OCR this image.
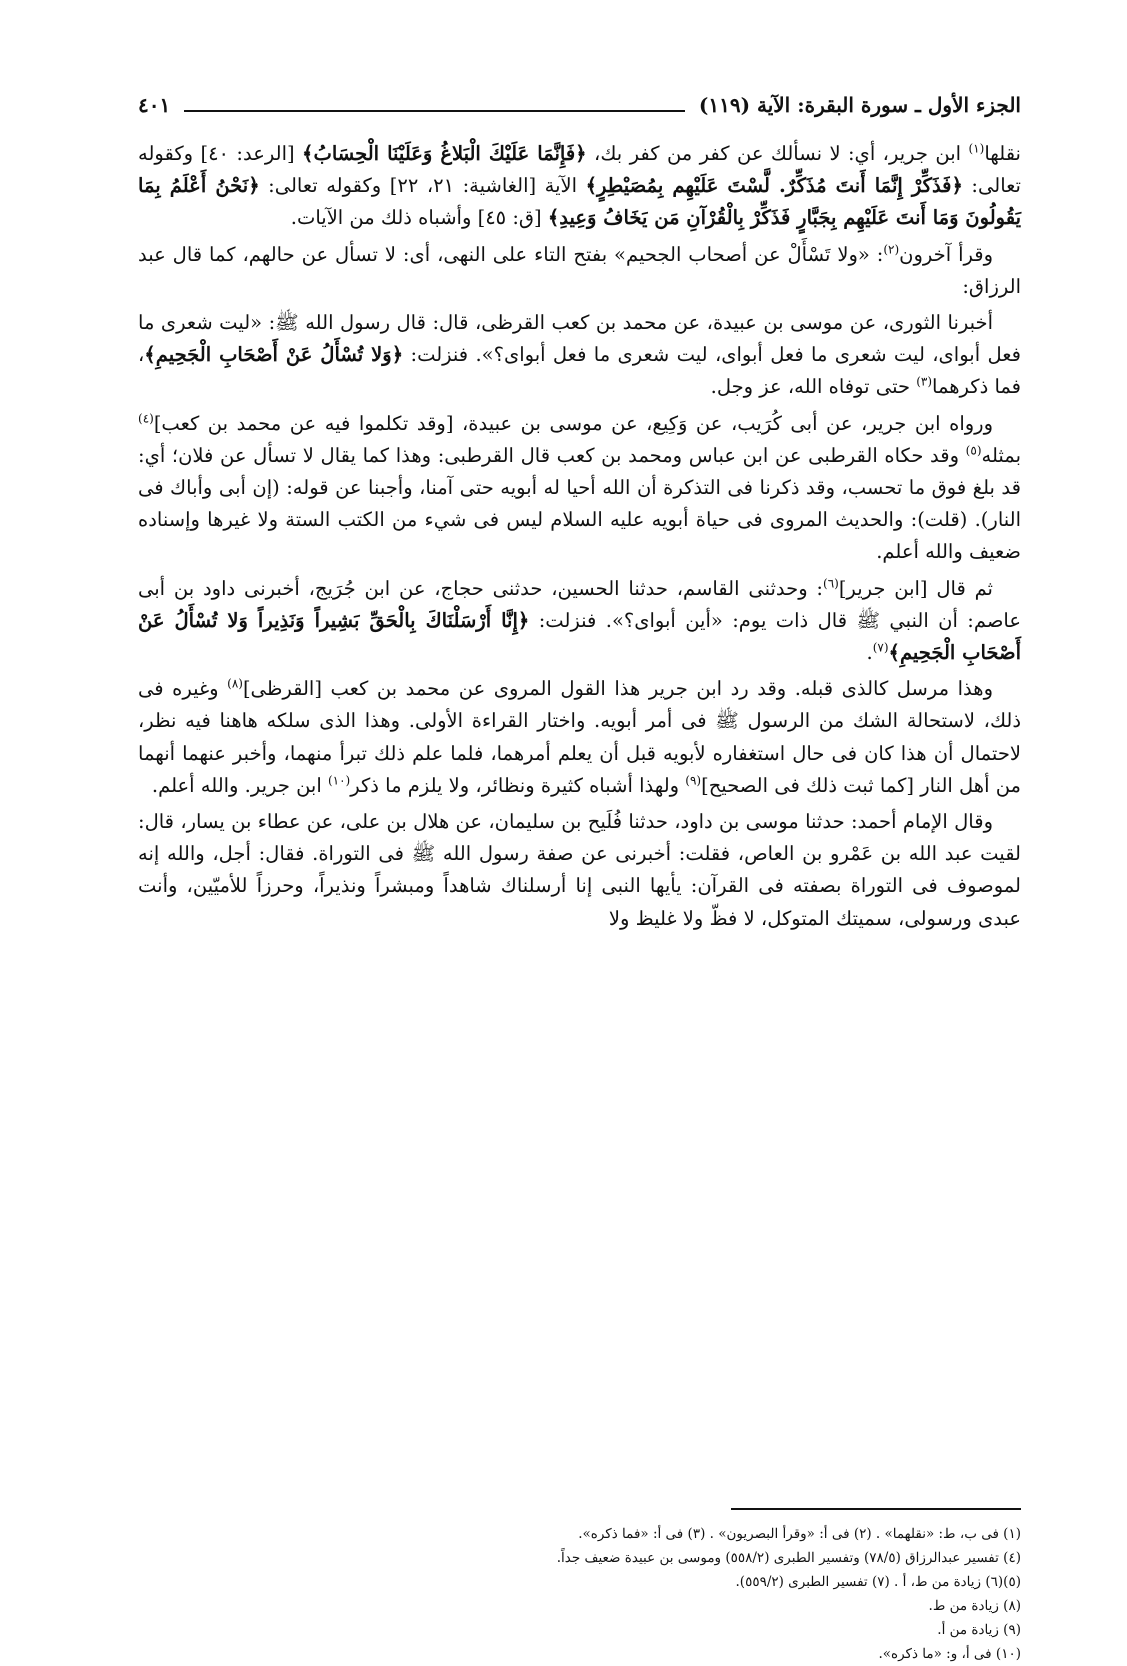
الجزء الأول ـ سورة البقرة: الآية (١١٩)
٤٠١

نقلها$^{(١)}$ ابن جرير، أي: لا نسألك عن كفر من كفر بك، ﴿فَإِنَّمَا عَلَيْكَ الْبَلاغُ وَعَلَيْنَا الْحِسَابُ﴾ [الرعد: ٤٠] وكقوله تعالى: ﴿فَذَكِّرْ إِنَّمَا أَنتَ مُذَكِّرٌ. لَّسْتَ عَلَيْهِم بِمُصَيْطِرٍ﴾ الآية [الغاشية: ٢١، ٢٢] وكقوله تعالى: ﴿نَحْنُ أَعْلَمُ بِمَا يَقُولُونَ وَمَا أَنتَ عَلَيْهِم بِجَبَّارٍ فَذَكِّرْ بِالْقُرْآنِ مَن يَخَافُ وَعِيدِ﴾ [ق: ٤٥] وأشباه ذلك من الآيات.

وقرأ آخرون$^{(٢)}$: «ولا تَسْأَلْ عن أصحاب الجحيم» بفتح التاء على النهى، أى: لا تسأل عن حالهم، كما قال عبد الرزاق:

أخبرنا الثورى، عن موسى بن عبيدة، عن محمد بن كعب القرظى، قال: قال رسول الله ﷺ: «ليت شعرى ما فعل أبواى، ليت شعرى ما فعل أبواى، ليت شعرى ما فعل أبواى؟». فنزلت: ﴿وَلا تُسْأَلُ عَنْ أَصْحَابِ الْجَحِيمِ﴾، فما ذكرهما$^{(٣)}$ حتى توفاه الله، عز وجل.

ورواه ابن جرير، عن أبى كُرَيب، عن وَكِيع، عن موسى بن عبيدة، [وقد تكلموا فيه عن محمد بن كعب]$^{(٤)}$ بمثله$^{(٥)}$ وقد حكاه القرطبى عن ابن عباس ومحمد بن كعب قال القرطبى: وهذا كما يقال لا تسأل عن فلان؛ أي: قد بلغ فوق ما تحسب، وقد ذكرنا فى التذكرة أن الله أحيا له أبويه حتى آمنا، وأجبنا عن قوله: (إن أبى وأباك فى النار). (قلت): والحديث المروى فى حياة أبويه عليه السلام ليس فى شيء من الكتب الستة ولا غيرها وإسناده ضعيف والله أعلم.

ثم قال [ابن جرير]$^{(٦)}$: وحدثنى القاسم، حدثنا الحسين، حدثنى حجاج، عن ابن جُرَيج، أخبرنى داود بن أبى عاصم: أن النبي ﷺ قال ذات يوم: «أين أبواى؟». فنزلت: ﴿إِنَّا أَرْسَلْنَاكَ بِالْحَقِّ بَشِيراً وَنَذِيراً وَلا تُسْأَلُ عَنْ أَصْحَابِ الْجَحِيمِ﴾$^{(٧)}$.

وهذا مرسل كالذى قبله. وقد رد ابن جرير هذا القول المروى عن محمد بن كعب [القرظى]$^{(٨)}$ وغيره فى ذلك، لاستحالة الشك من الرسول ﷺ فى أمر أبويه. واختار القراءة الأولى. وهذا الذى سلكه هاهنا فيه نظر، لاحتمال أن هذا كان فى حال استغفاره لأبويه قبل أن يعلم أمرهما، فلما علم ذلك تبرأ منهما، وأخبر عنهما أنهما من أهل النار [كما ثبت ذلك فى الصحيح]$^{(٩)}$ ولهذا أشباه كثيرة ونظائر، ولا يلزم ما ذكر$^{(١٠)}$ ابن جرير. والله أعلم.

وقال الإمام أحمد: حدثنا موسى بن داود، حدثنا فُلَيح بن سليمان، عن هلال بن على، عن عطاء بن يسار، قال: لقيت عبد الله بن عَمْرو بن العاص، فقلت: أخبرنى عن صفة رسول الله ﷺ فى التوراة. فقال: أجل، والله إنه لموصوف فى التوراة بصفته فى القرآن: يأيها النبى إنا أرسلناك شاهداً ومبشراً ونذيراً، وحرزاً للأميّين، وأنت عبدى ورسولى، سميتك المتوكل، لا فظّ ولا غليظ ولا

(١) فى ب، ط: «نقلهما» . (٢) فى أ: «وقرأ البصريون» . (٣) فى أ: «فما ذكره».
(٤) تفسير عبدالرزاق (٧٨/٥) وتفسير الطبرى (٥٥٨/٢) وموسى بن عبيدة ضعيف جداً.
(٥)(٦) زيادة من ط، أ . (٧) تفسير الطبرى (٥٥٩/٢).
(٨) زيادة من ط.
(٩) زيادة من أ.
(١٠) فى أ، و: «ما ذكره».
